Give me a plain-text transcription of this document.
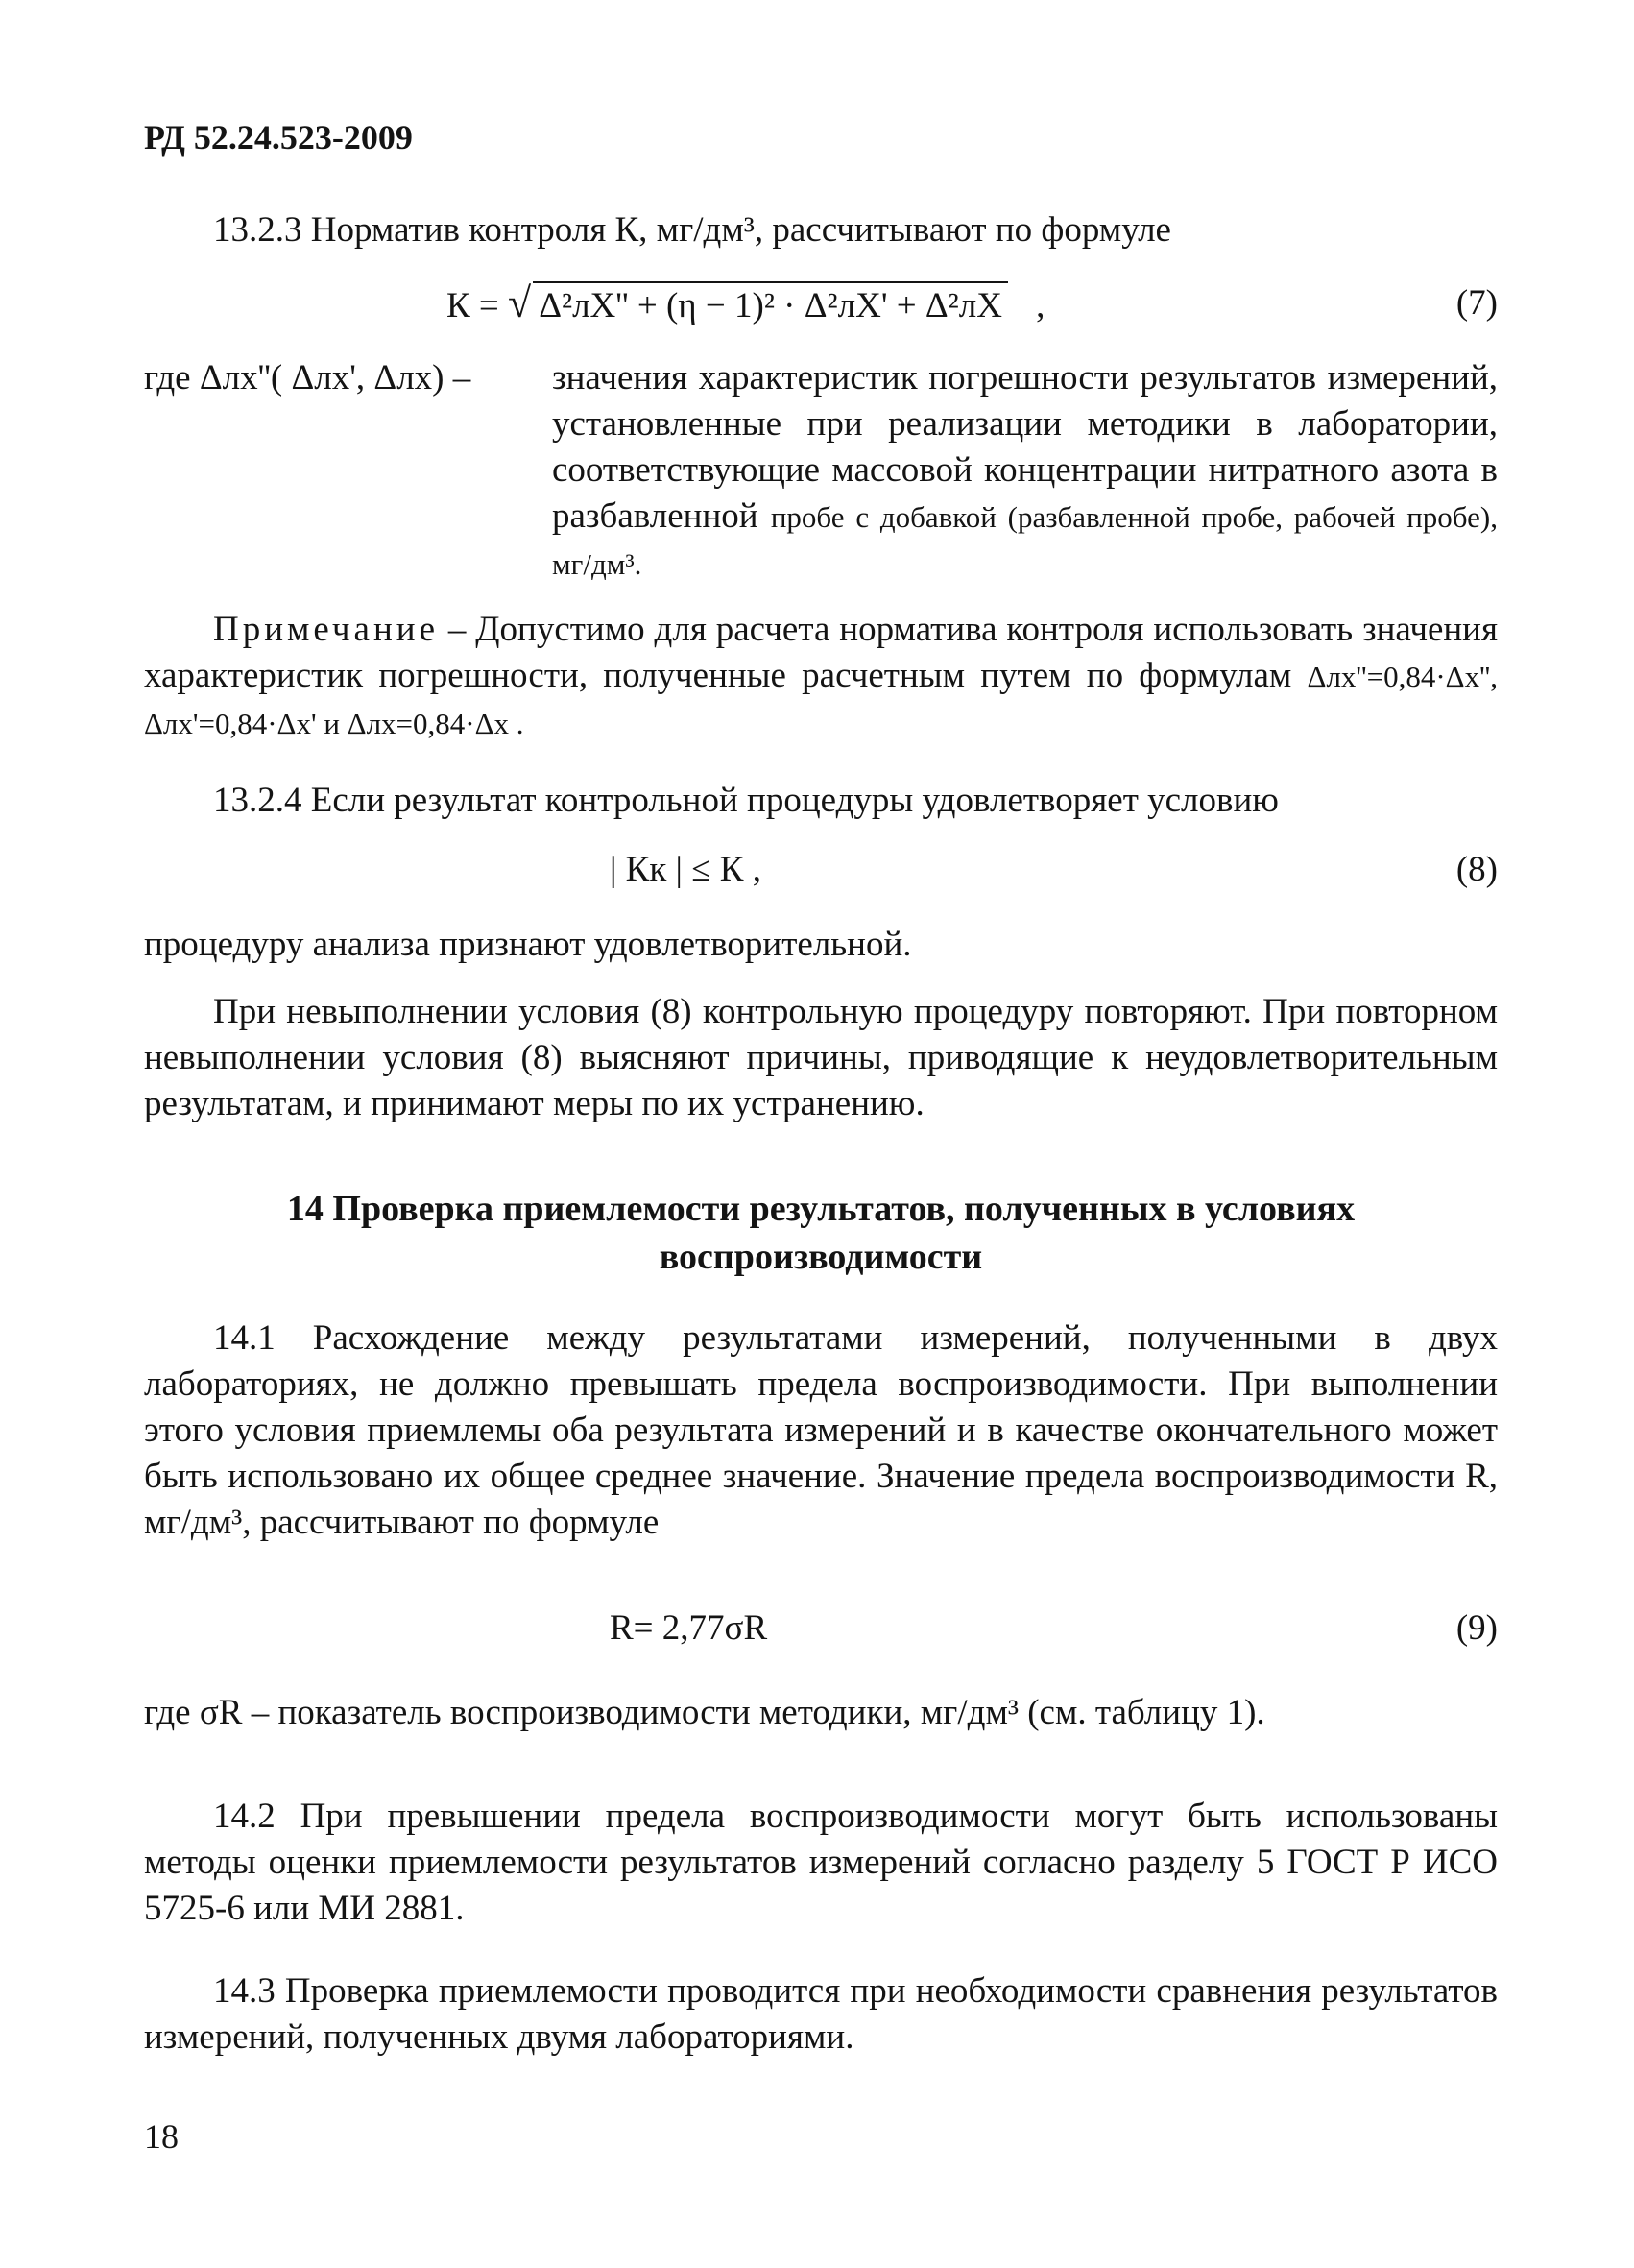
РД 52.24.523-2009

13.2.3 Норматив контроля К, мг/дм³, рассчитывают по формуле

К = √ Δ²лX'' + (η − 1)² · Δ²лX' + Δ²лX ,	(7)
где Δлх''( Δлх', Δлх) – значения характеристик погрешности результатов измерений, установленные при реализации методики в лаборатории, соответствующие массовой концентрации нитратного азота в разбавленной пробе с добавкой (разбавленной пробе, рабочей пробе), мг/дм³.
Примечание – Допустимо для расчета норматива контроля использовать значения характеристик погрешности, полученные расчетным путем по формулам Δлх''=0,84·Δх'', Δлх'=0,84·Δх' и Δлх=0,84·Δх .

13.2.4 Если результат контрольной процедуры удовлетворяет условию

| Кк | ≤ К ,	(8)

процедуру анализа признают удовлетворительной.

При невыполнении условия (8) контрольную процедуру повторяют. При повторном невыполнении условия (8) выясняют причины, приводящие к неудовлетворительным результатам, и принимают меры по их устранению.

14 Проверка приемлемости результатов, полученных в условиях воспроизводимости

14.1 Расхождение между результатами измерений, полученными в двух лабораториях, не должно превышать предела воспроизводимости. При выполнении этого условия приемлемы оба результата измерений и в качестве окончательного может быть использовано их общее среднее значение. Значение предела воспроизводимости R, мг/дм³, рассчитывают по формуле

R= 2,77σR	(9)

где σR – показатель воспроизводимости методики, мг/дм³ (см. таблицу 1).

14.2 При превышении предела воспроизводимости могут быть использованы методы оценки приемлемости результатов измерений согласно разделу 5 ГОСТ Р ИСО 5725-6 или МИ 2881.

14.3 Проверка приемлемости проводится при необходимости сравнения результатов измерений, полученных двумя лабораториями.

18
